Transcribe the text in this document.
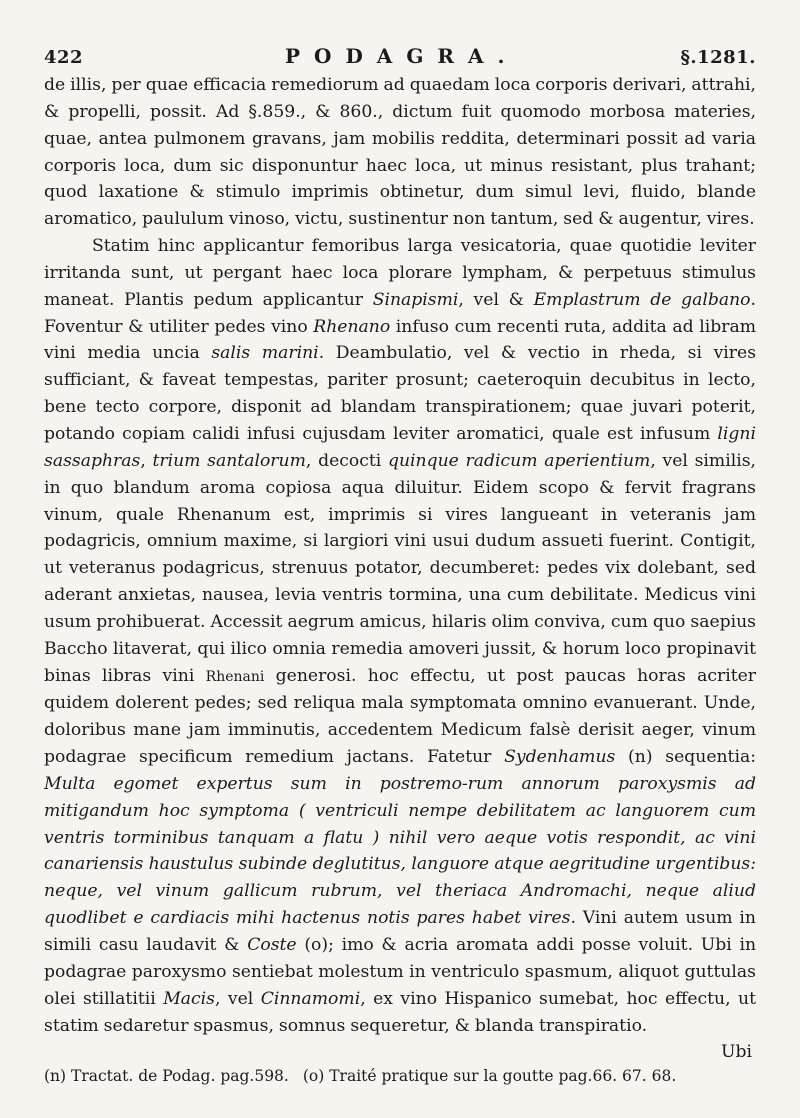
422	PODAGRA.	§.1281.

de illis, per quae efficacia remediorum ad quaedam loca corporis derivari, attrahi, & propelli, possit. Ad §.859., & 860., dictum fuit quomodo morbosa materies, quae, antea pulmonem gravans, jam mobilis reddita, determinari possit ad varia corporis loca, dum sic disponuntur haec loca, ut minus resistant, plus trahant; quod laxatione & stimulo imprimis obtinetur, dum simul levi, fluido, blande aromatico, paululum vinoso, victu, sustinentur non tantum, sed & augentur, vires.

Statim hinc applicantur femoribus larga vesicatoria, quae quotidie leviter irritanda sunt, ut pergant haec loca plorare lympham, & perpetuus stimulus maneat. Plantis pedum applicantur Sinapismi, vel & Emplastrum de galbano. Foventur & utiliter pedes vino Rhenano infuso cum recenti ruta, addita ad libram vini media uncia salis marini. Deambulatio, vel & vectio in rheda, si vires sufficiant, & faveat tempestas, pariter prosunt; caeteroquin decubitus in lecto, bene tecto corpore, disponit ad blandam transpirationem; quae juvari poterit, potando copiam calidi infusi cujusdam leviter aromatici, quale est infusum ligni sassaphras, trium santalorum, decocti quinque radicum aperientium, vel similis, in quo blandum aroma copiosa aqua diluitur. Eidem scopo & fervit fragrans vinum, quale Rhenanum est, imprimis si vires langueant in veteranis jam podagricis, omnium maxime, si largiori vini usui dudum assueti fuerint. Contigit, ut veteranus podagricus, strenuus potator, decumberet: pedes vix dolebant, sed aderant anxietas, nausea, levia ventris tormina, una cum debilitate. Medicus vini usum prohibuerat. Accessit aegrum amicus, hilaris olim conviva, cum quo saepius Baccho litaverat, qui ilico omnia remedia amoveri jussit, & horum loco propinavit binas libras vini Rhenani generosi. hoc effectu, ut post paucas horas acriter quidem dolerent pedes; sed reliqua mala symptomata omnino evanuerant. Unde, doloribus mane jam imminutis, accedentem Medicum falsè derisit aeger, vinum podagrae specificum remedium jactans. Fatetur Sydenhamus (n) sequentia: Multa egomet expertus sum in postremo-rum annorum paroxysmis ad mitigandum hoc symptoma ( ventriculi nempe debilitatem ac languorem cum ventris torminibus tanquam a flatu ) nihil vero aeque votis respondit, ac vini canariensis haustulus subinde deglutitus, languore atque aegritudine urgentibus: neque, vel vinum gallicum rubrum, vel theriaca Andromachi, neque aliud quodlibet e cardiacis mihi hactenus notis pares habet vires. Vini autem usum in simili casu laudavit & Coste (o); imo & acria aromata addi posse voluit. Ubi in podagrae paroxysmo sentiebat molestum in ventriculo spasmum, aliquot guttulas olei stillatitii Macis, vel Cinnamomi, ex vino Hispanico sumebat, hoc effectu, ut statim sedaretur spasmus, somnus sequeretur, & blanda transpiratio.

Ubi
(n) Tractat. de Podag. pag.598. (o) Traité pratique sur la goutte pag.66. 67. 68.
